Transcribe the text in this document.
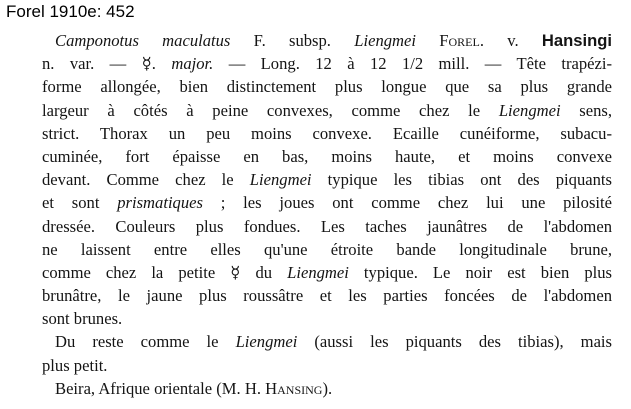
Forel 1910e: 452
Camponotus maculatus F. subsp. Liengmei Forel. v. Hansingi
n. var. — ☿. major. — Long. 12 à 12 1/2 mill. — Tête trapézi-
forme allongée, bien distinctement plus longue que sa plus grande
largeur à côtés à peine convexes, comme chez le Liengmei sens,
strict. Thorax un peu moins convexe. Ecaille cunéiforme, subacu-
cuminée, fort épaisse en bas, moins haute, et moins convexe
devant. Comme chez le Liengmei typique les tibias ont des piquants
et sont prismatiques ; les joues ont comme chez lui une pilosité
dressée. Couleurs plus fondues. Les taches jaunâtres de l'abdomen
ne laissent entre elles qu'une étroite bande longitudinale brune,
comme chez la petite ☿ du Liengmei typique. Le noir est bien plus
brunâtre, le jaune plus roussâtre et les parties foncées de l'abdomen
sont brunes.
Du reste comme le Liengmei (aussi les piquants des tibias), mais
plus petit.
Beira, Afrique orientale (M. H. Hansing).
